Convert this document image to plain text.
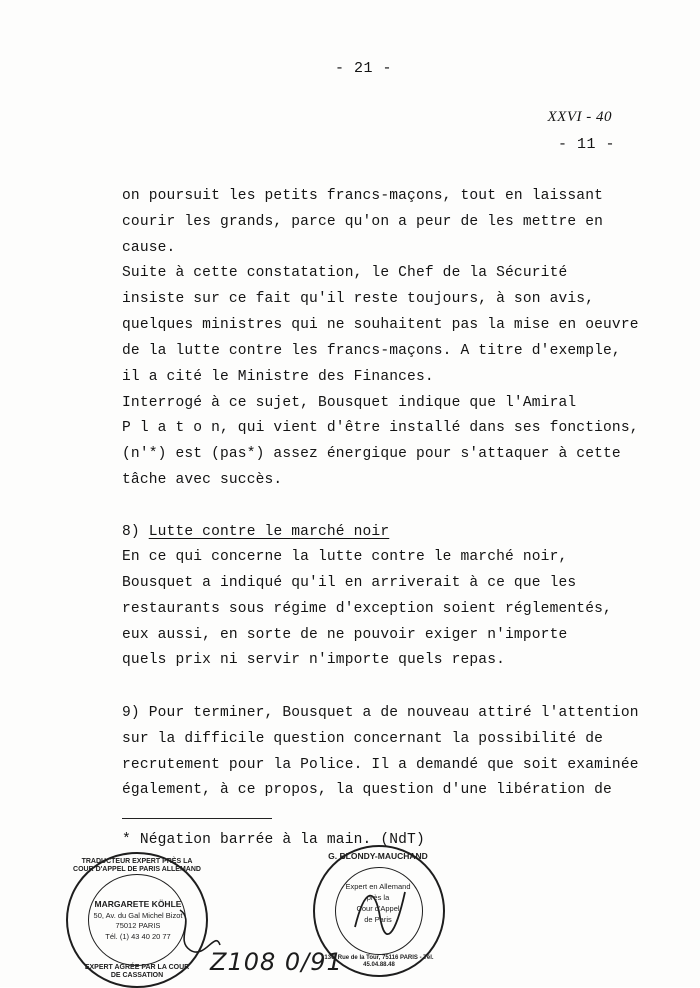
- 21 -
XXVI - 40
- 11 -
on poursuit les petits francs-maçons, tout en laissant
courir les grands, parce qu'on a peur de les mettre en
cause.
Suite à cette constatation, le Chef de la Sécurité
insiste sur ce fait qu'il reste toujours, à son avis,
quelques ministres qui ne souhaitent pas la mise en oeuvre
de la lutte contre les francs-maçons. A titre d'exemple,
il a cité le Ministre des Finances.
Interrogé à ce sujet, Bousquet indique que l'Amiral
P l a t o n, qui vient d'être installé dans ses fonctions,
(n'*) est (pas*) assez énergique pour s'attaquer à cette
tâche avec succès.
8) Lutte contre le marché noir
En ce qui concerne la lutte contre le marché noir,
Bousquet a indiqué qu'il en arriverait à ce que les
restaurants sous régime d'exception soient réglementés,
eux aussi, en sorte de ne pouvoir exiger n'importe
quels prix ni servir n'importe quels repas.
9) Pour terminer, Bousquet a de nouveau attiré l'attention
sur la difficile question concernant la possibilité de
recrutement pour la Police. Il a demandé que soit examinée
également, à ce propos, la question d'une libération de
* Négation barrée à la main. (NdT)
TRADUCTEUR EXPERT PRÈS LA COUR D'APPEL DE PARIS ALLEMAND
MARGARETE KÖHLE
50, Av. du Gal Michel Bizot
75012 PARIS
Tél. (1) 43 40 20 77
EXPERT AGRÉE PAR LA COUR DE CASSATION
G. BLONDY-MAUCHAND
Expert en Allemand
près la
Cour d'Appel
de Paris
136, Rue de la Tour, 75116 PARIS - Tél. 45.04.88.48
Z108 0/91
